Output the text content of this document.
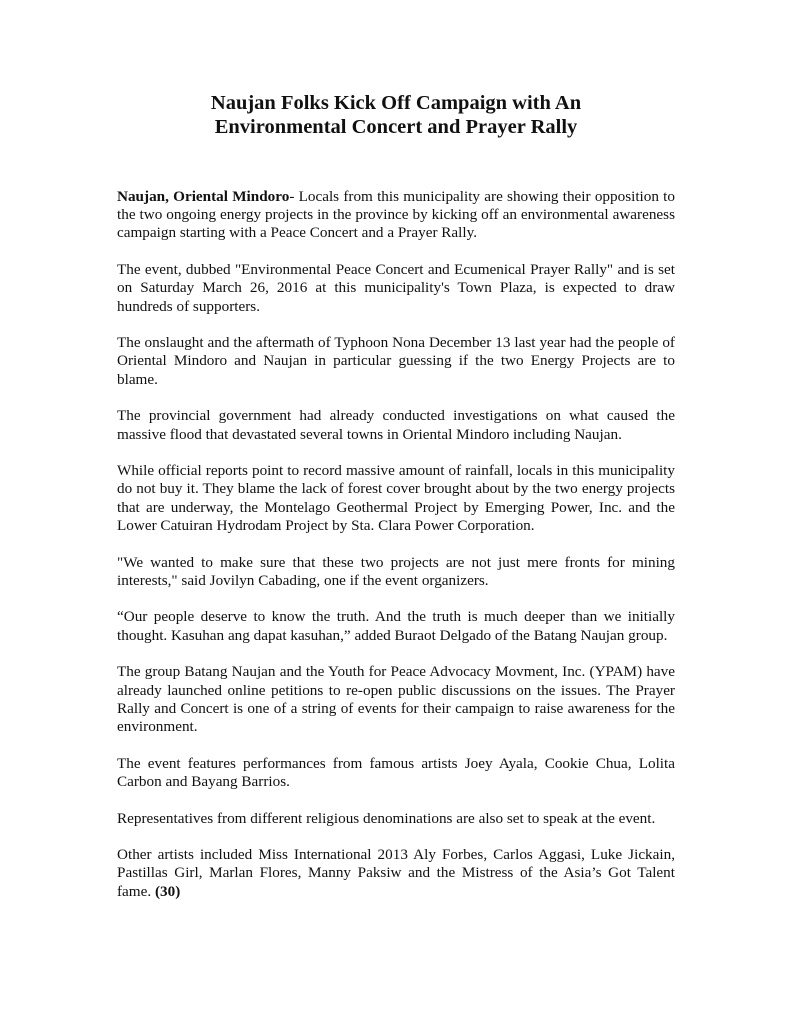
Naujan Folks Kick Off Campaign with An
Environmental Concert and Prayer Rally

Naujan, Oriental Mindoro- Locals from this municipality are showing their opposition to the two ongoing energy projects in the province by kicking off an environmental awareness campaign starting with a Peace Concert and a Prayer Rally.

The event, dubbed "Environmental Peace Concert and Ecumenical Prayer Rally" and is set on Saturday March 26, 2016 at this municipality's Town Plaza, is expected to draw hundreds of supporters.

The onslaught and the aftermath of Typhoon Nona December 13 last year had the people of Oriental Mindoro and Naujan in particular guessing if the two Energy Projects are to blame.

The provincial government had already conducted investigations on what caused the massive flood that devastated several towns in Oriental Mindoro including Naujan.

While official reports point to record massive amount of rainfall, locals in this municipality do not buy it. They blame the lack of forest cover brought about by the two energy projects that are underway, the Montelago Geothermal Project by Emerging Power, Inc. and the Lower Catuiran Hydrodam Project by Sta. Clara Power Corporation.

"We wanted to make sure that these two projects are not just mere fronts for mining interests," said Jovilyn Cabading, one if the event organizers.

“Our people deserve to know the truth. And the truth is much deeper than we initially thought. Kasuhan ang dapat kasuhan,” added Buraot Delgado of the Batang Naujan group.

The group Batang Naujan and the Youth for Peace Advocacy Movment, Inc. (YPAM) have already launched online petitions to re-open public discussions on the issues. The Prayer Rally and Concert is one of a string of events for their campaign to raise awareness for the environment.

The event features performances from famous artists Joey Ayala, Cookie Chua, Lolita Carbon and Bayang Barrios.

Representatives from different religious denominations are also set to speak at the event.

Other artists included Miss International 2013 Aly Forbes, Carlos Aggasi, Luke Jickain, Pastillas Girl, Marlan Flores, Manny Paksiw and the Mistress of the Asia’s Got Talent fame. (30)
